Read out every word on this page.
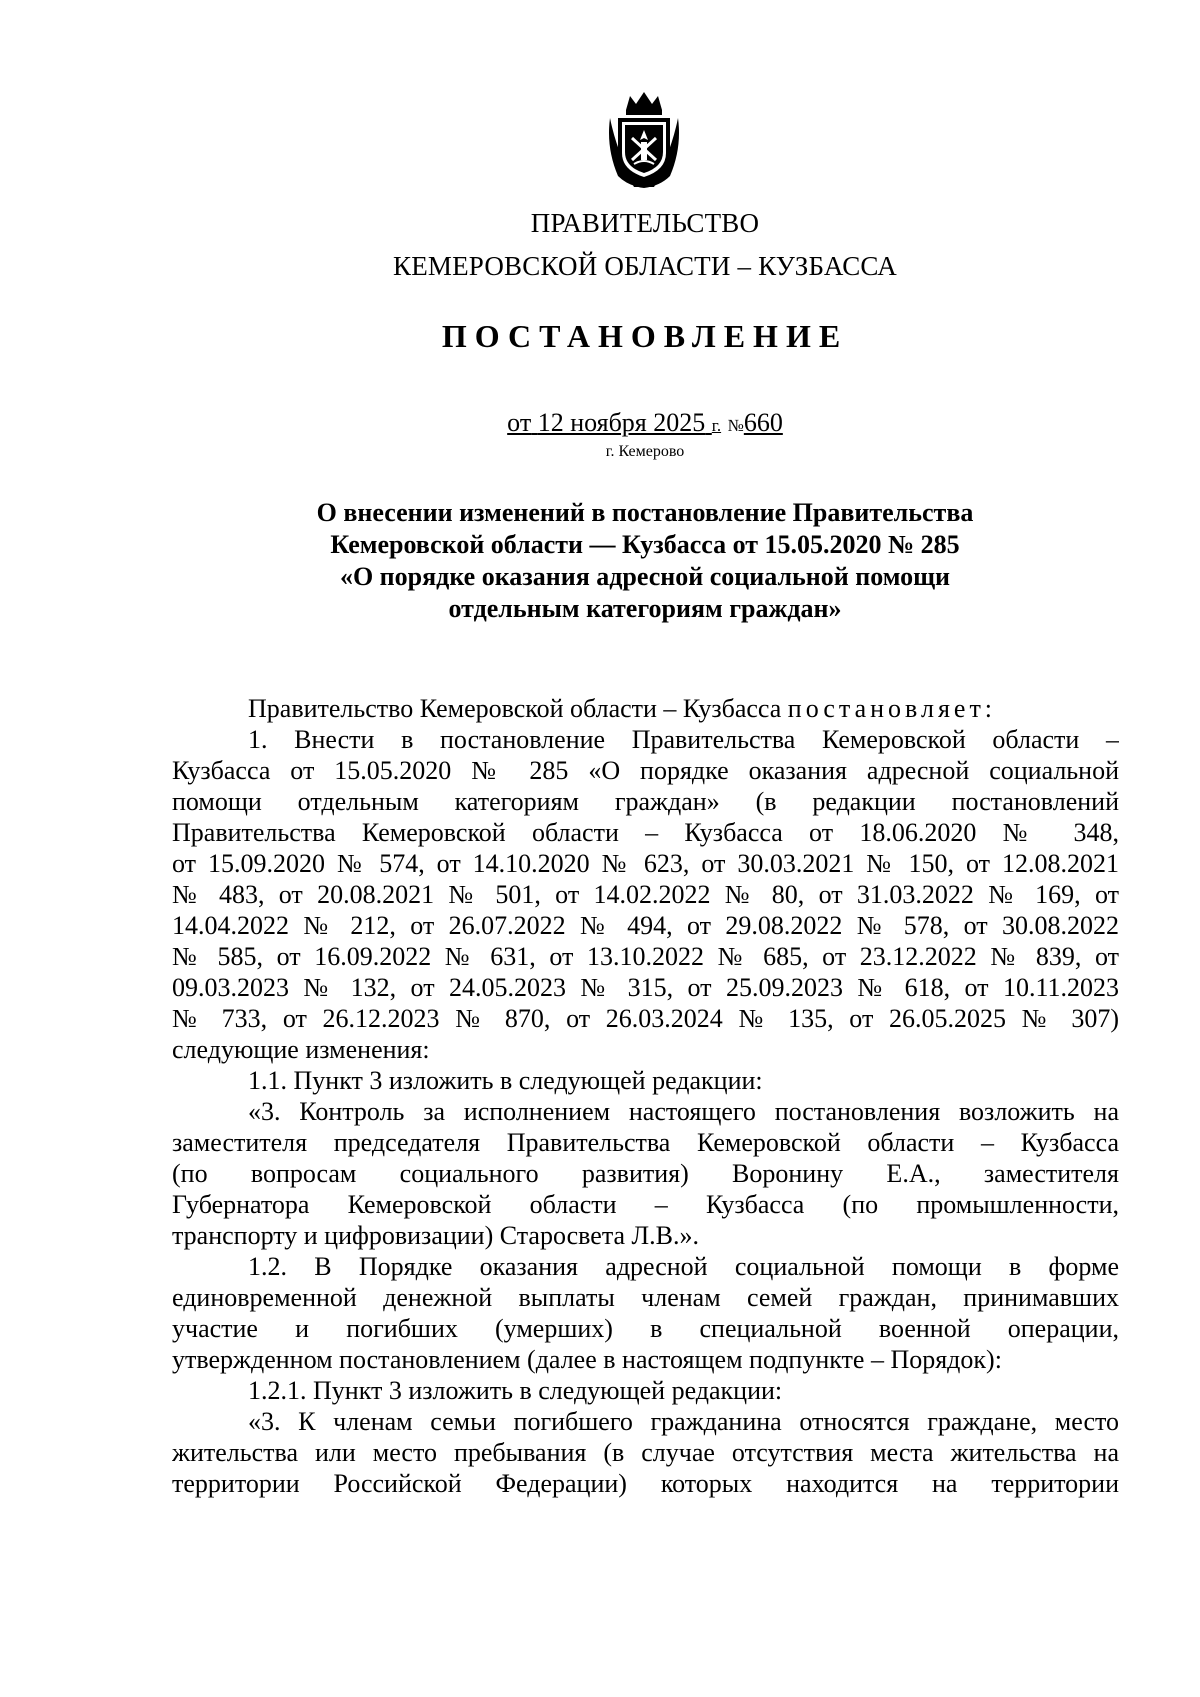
ПРАВИТЕЛЬСТВО
КЕМЕРОВСКОЙ ОБЛАСТИ – КУЗБАССА
ПОСТАНОВЛЕНИЕ
от 12 ноября 2025 г. №660
г. Кемерово
О внесении изменений в постановление Правительства
Кемеровской области — Кузбасса от 15.05.2020 № 285
«О порядке оказания адресной социальной помощи
отдельным категориям граждан»
Правительство Кемеровской области – Кузбасса постановляет:
1. Внести в постановление Правительства Кемеровской области –
Кузбасса от 15.05.2020 № 285 «О порядке оказания адресной социальной
помощи отдельным категориям граждан» (в редакции постановлений
Правительства Кемеровской области – Кузбасса от 18.06.2020 № 348,
от 15.09.2020 № 574, от 14.10.2020 № 623, от 30.03.2021 № 150, от 12.08.2021
№ 483, от 20.08.2021 № 501, от 14.02.2022 № 80, от 31.03.2022 № 169, от
14.04.2022 № 212, от 26.07.2022 № 494, от 29.08.2022 № 578, от 30.08.2022
№ 585, от 16.09.2022 № 631, от 13.10.2022 № 685, от 23.12.2022 № 839, от
09.03.2023 № 132, от 24.05.2023 № 315, от 25.09.2023 № 618, от 10.11.2023
№ 733, от 26.12.2023 № 870, от 26.03.2024 № 135, от 26.05.2025 № 307)
следующие изменения:
1.1. Пункт 3 изложить в следующей редакции:
«3. Контроль за исполнением настоящего постановления возложить на
заместителя председателя Правительства Кемеровской области – Кузбасса
(по вопросам социального развития) Воронину Е.А., заместителя
Губернатора Кемеровской области – Кузбасса (по промышленности,
транспорту и цифровизации) Старосвета Л.В.».
1.2. В Порядке оказания адресной социальной помощи в форме
единовременной денежной выплаты членам семей граждан, принимавших
участие и погибших (умерших) в специальной военной операции,
утвержденном постановлением (далее в настоящем подпункте – Порядок):
1.2.1. Пункт 3 изложить в следующей редакции:
«3. К членам семьи погибшего гражданина относятся граждане, место
жительства или место пребывания (в случае отсутствия места жительства на
территории Российской Федерации) которых находится на территории
